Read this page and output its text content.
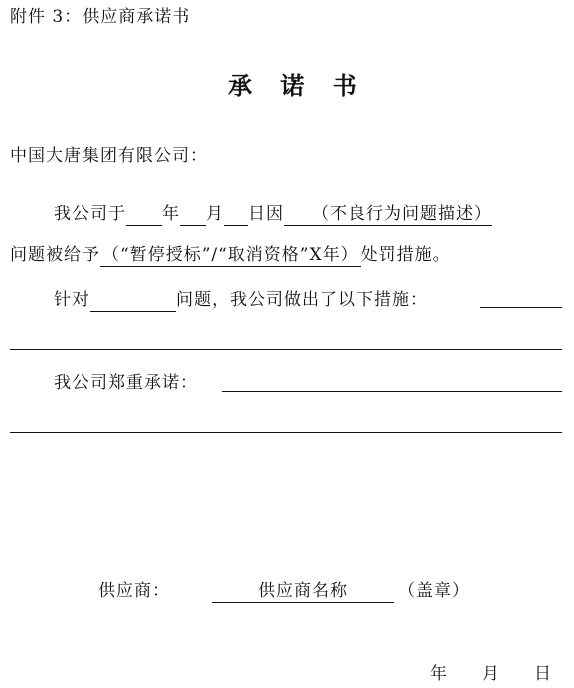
附件 3：供应商承诺书
承 诺 书
中国大唐集团有限公司：
我公司于 年 月 日因 （不良行为问题描述）
问题被给予 （“暂停授标”/“取消资格”X年） 处罚措施。
针对	问题，我公司做出了以下措施：
我公司郑重承诺：
供应商：	供应商名称	（盖章）
年 月 日
